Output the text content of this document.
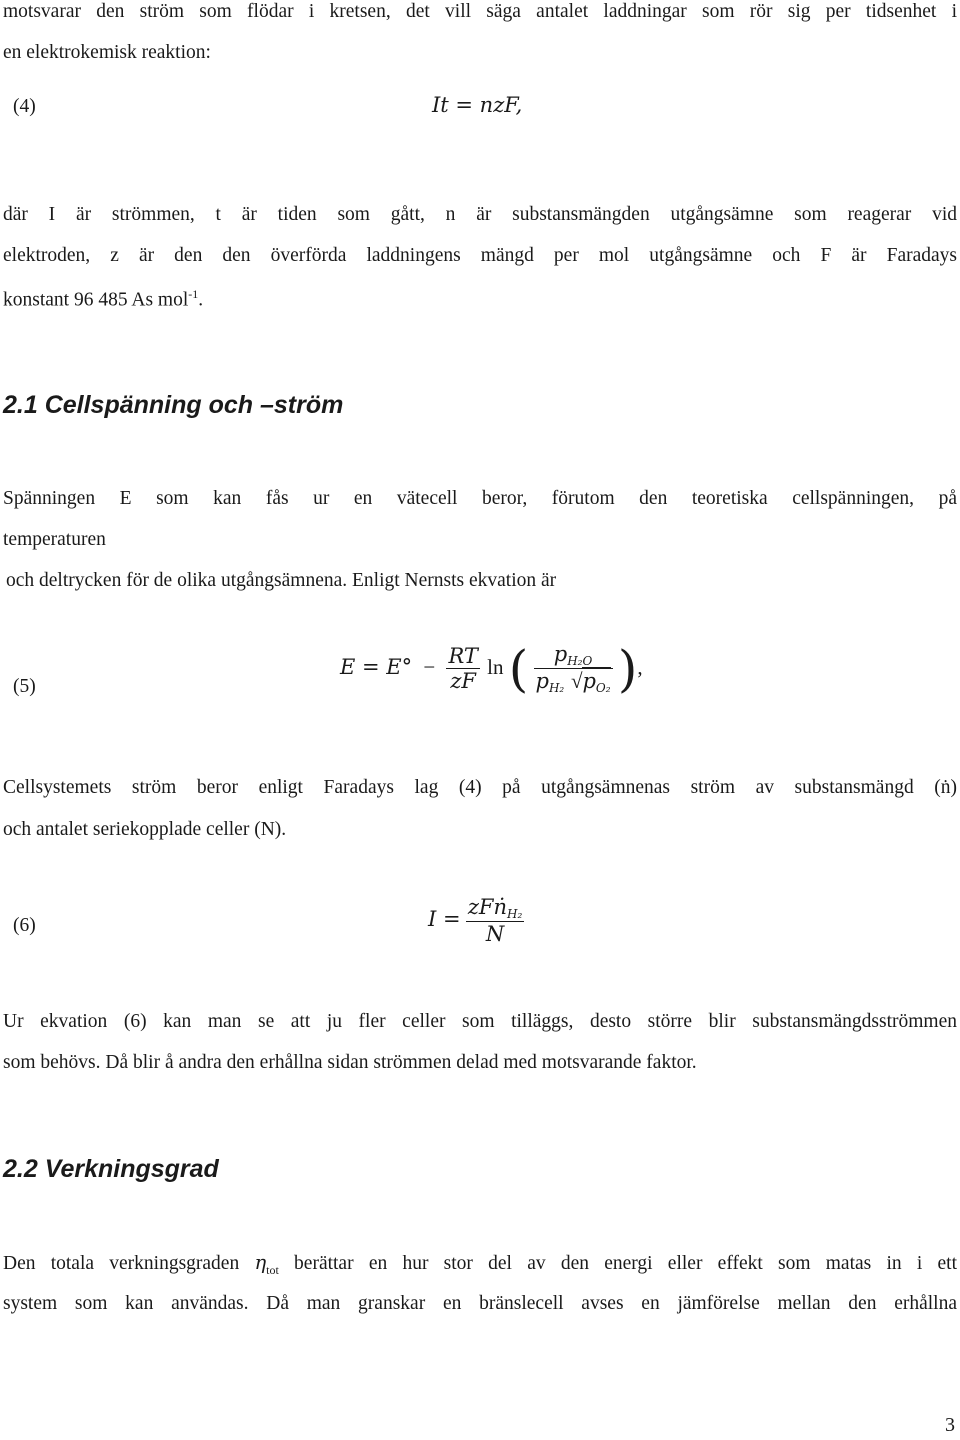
motsvarar den ström som flödar i kretsen, det vill säga antalet laddningar som rör sig per tidsenhet i
en elektrokemisk reaktion:
(4)	It = nzF,
där I är strömmen, t är tiden som gått, n är substansmängden utgångsämne som reagerar vid
elektroden, z är den den överförda laddningens mängd per mol utgångsämne och F är Faradays
konstant 96 485 As mol$^{-1}$.
2.1 Cellspänning och –ström
Spänningen E som kan fås ur en vätecell beror, förutom den teoretiska cellspänningen, på
temperaturen
och deltrycken för de olika utgångsämnena. Enligt Nernsts ekvation är
(5)
$E = E^\circ - \frac{RT}{zF}$ ln ( $\frac{p_{H_2O}}{p_{H_2} √p_{O_2}}$ ),
Cellsystemets ström beror enligt Faradays lag (4) på utgångsämnenas ström av substansmängd (ṅ)
och antalet seriekopplade celler (N).
(6)	$I = \frac{zFṅ_{H_2}}{N}$
Ur ekvation (6) kan man se att ju fler celler som tilläggs, desto större blir substansmängdsströmmen
som behövs. Då blir å andra den erhållna sidan strömmen delad med motsvarande faktor.
2.2 Verkningsgrad
Den totala verkningsgraden $\eta_{tot}$ berättar en hur stor del av den energi eller effekt som matas in i ett
system som kan användas. Då man granskar en bränslecell avses en jämförelse mellan den erhållna
3
